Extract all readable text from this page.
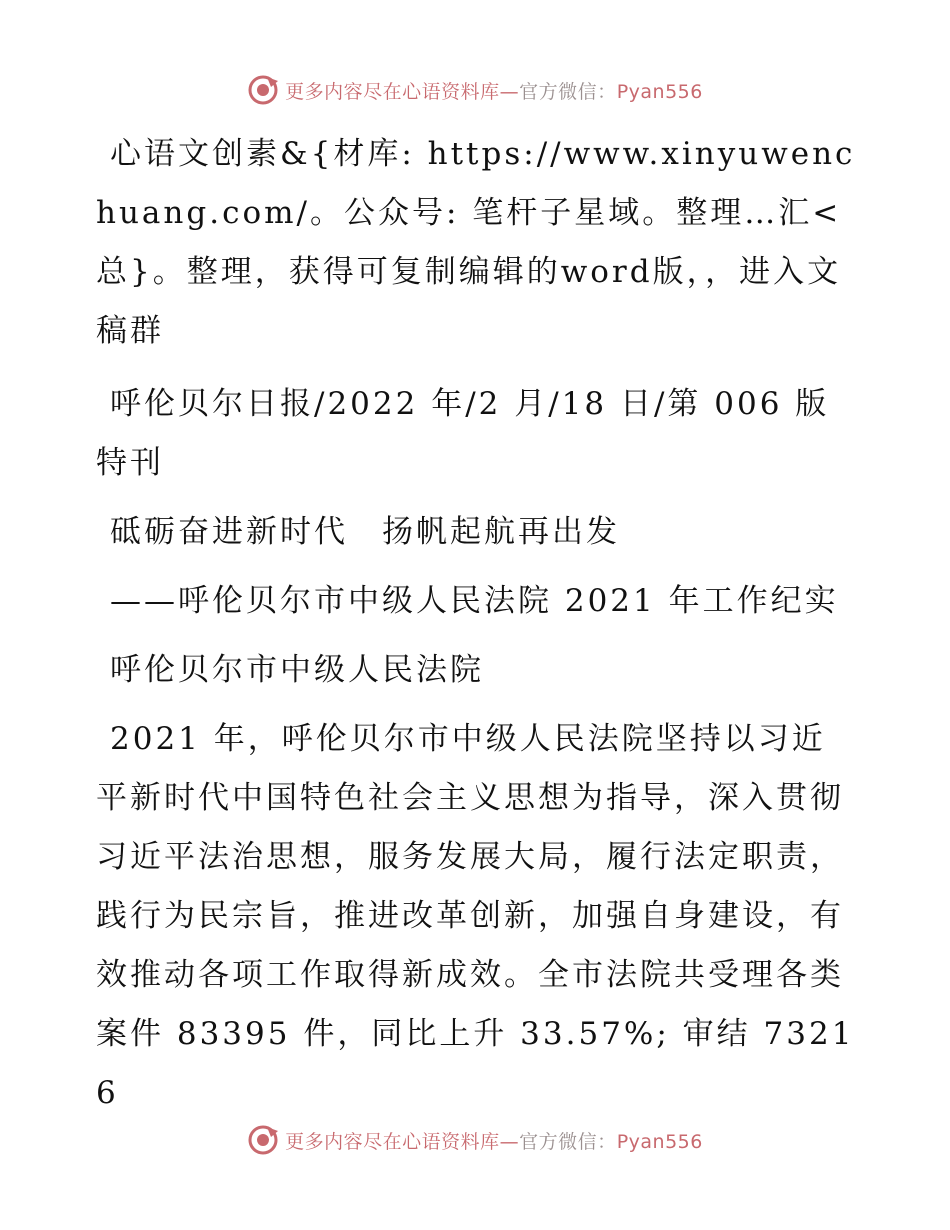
更多内容尽在心语资料库—官方微信：Pyan556

心语文创素&{材库: https://www.xinyuwenchuang.com/。公众号: 笔杆子星域。整理…汇<总}。整理，获得可复制编辑的word版，，进入文稿群

呼伦贝尔日报/2022 年/2 月/18 日/第 006 版特刊

砥砺奋进新时代　扬帆起航再出发

——呼伦贝尔市中级人民法院 2021 年工作纪实

呼伦贝尔市中级人民法院

2021 年，呼伦贝尔市中级人民法院坚持以习近平新时代中国特色社会主义思想为指导，深入贯彻习近平法治思想，服务发展大局，履行法定职责，践行为民宗旨，推进改革创新，加强自身建设，有效推动各项工作取得新成效。全市法院共受理各类案件 83395 件，同比上升 33.57%; 审结 73216

更多内容尽在心语资料库—官方微信：Pyan556
